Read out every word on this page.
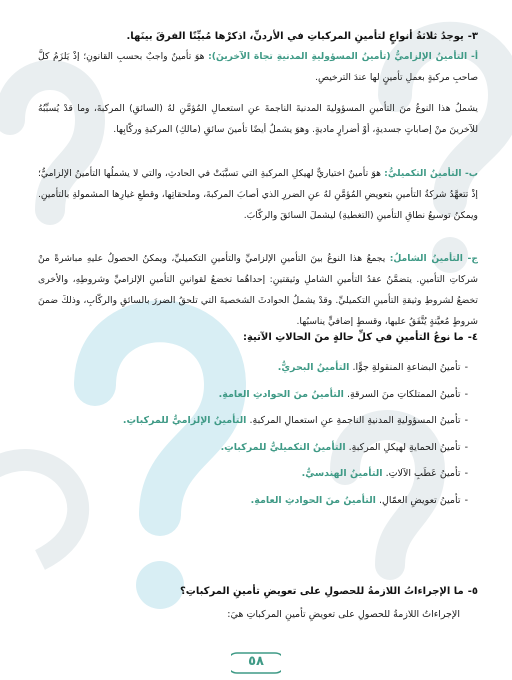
٣-يوجدُ ثلاثةُ أنواعٍ لتأمينِ المركباتِ في الأردنِّ، اذكرْها مُبيِّنًا الفرقَ بينَها.

أ- التأمينُ الإلزاميُّ (تأمينُ المسؤوليةِ المدنيةِ تجاهَ الآخرينَ): هوَ تأمينٌ واجبٌ بحسبِ القانونِ؛ إذْ يَلزَمُ كلَّ صاحبِ مركبةٍ بعملِ تأمينٍ لها عندَ الترخيصِ.

يشملُ هذا النوعُ منَ التأمينِ المسؤوليةَ المدنيةَ الناجمةَ عنِ استعمالِ المُؤمَّنِ لهُ (السائقِ) المركبةَ، وما قدْ يُسبِّبُهُ للآخرينَ منْ إصاباتٍ جسديةٍ، أوْ أضرارٍ ماديةٍ. وهوَ يشملُ أيضًا تأمينَ سائقِ (مالكِ) المركبةِ وركّابِها.

ب- التأمينُ التكميليُّ: هوَ تأمينٌ اختياريٌّ لهيكلِ المركبةِ التي تسبَّبَتْ في الحادثِ، والتي لا يشملُها التأمينُ الإلزاميُّ؛ إذْ تتعهَّدُ شركةُ التأمينِ بتعويضِ المُؤمَّنِ لهُ عنِ الضررِ الذي أصابَ المركبةَ، وملحقاتِها، وقطعِ غيارِها المشمولةِ بالتأمينِ. ويمكنُ توسيعُ نطاقِ التأمينِ (التغطيةِ) ليشملَ السائقَ والركّابَ.

ج- التأمينُ الشاملُ: يجمعُ هذا النوعُ بينَ التأمينِ الإلزاميِّ والتأمينِ التكميليِّ، ويمكنُ الحصولُ عليهِ مباشرةً منْ شركاتِ التأمينِ. يتضمَّنُ عقدُ التأمينِ الشاملِ وثيقتينِ: إحداهُما تخضعُ لقوانينِ التأمينِ الإلزاميِّ وشروطِهِ، والأخرى تخضعُ لشروطِ وثيقةِ التأمينِ التكميليِّ. وقدْ يشملُ الحوادثَ الشخصيةَ التي تلحقُ الضررَ بالسائقِ والركّابِ، وذلكَ ضمنَ شروطٍ مُعيَّنةٍ يُتَّفَقُ عليها، وقسطٍ إضافيٍّ يناسبُها.

٤-ما نوعُ التأمينِ في كلِّ حالةٍ منَ الحالاتِ الآتيةِ:
-تأمينُ البضاعةِ المنقولةِ جوًّا. التأمينُ البحريُّ.
-تأمينُ الممتلكاتِ منَ السرقةِ. التأمينُ منَ الحوادثِ العامةِ.
-تأمينُ المسؤوليةِ المدنيةِ الناجمةِ عنِ استعمالِ المركبةِ. التأمينُ الإلزاميُّ للمركباتِ.
-تأمينُ الحمايةِ لهيكلِ المركبةِ. التأمينُ التكميليُّ للمركباتِ.
-تأمينُ عَطَبِ الآلاتِ. التأمينُ الهندسيُّ.
-تأمينُ تعويضِ العمّالِ. التأمينُ منَ الحوادثِ العامةِ.
٥-ما الإجراءاتُ اللازمةُ للحصولِ على تعويضِ تأمينِ المركباتِ؟
الإجراءاتُ اللازمةُ للحصولِ على تعويضِ تأمينِ المركباتِ هيَ:
٥٨
